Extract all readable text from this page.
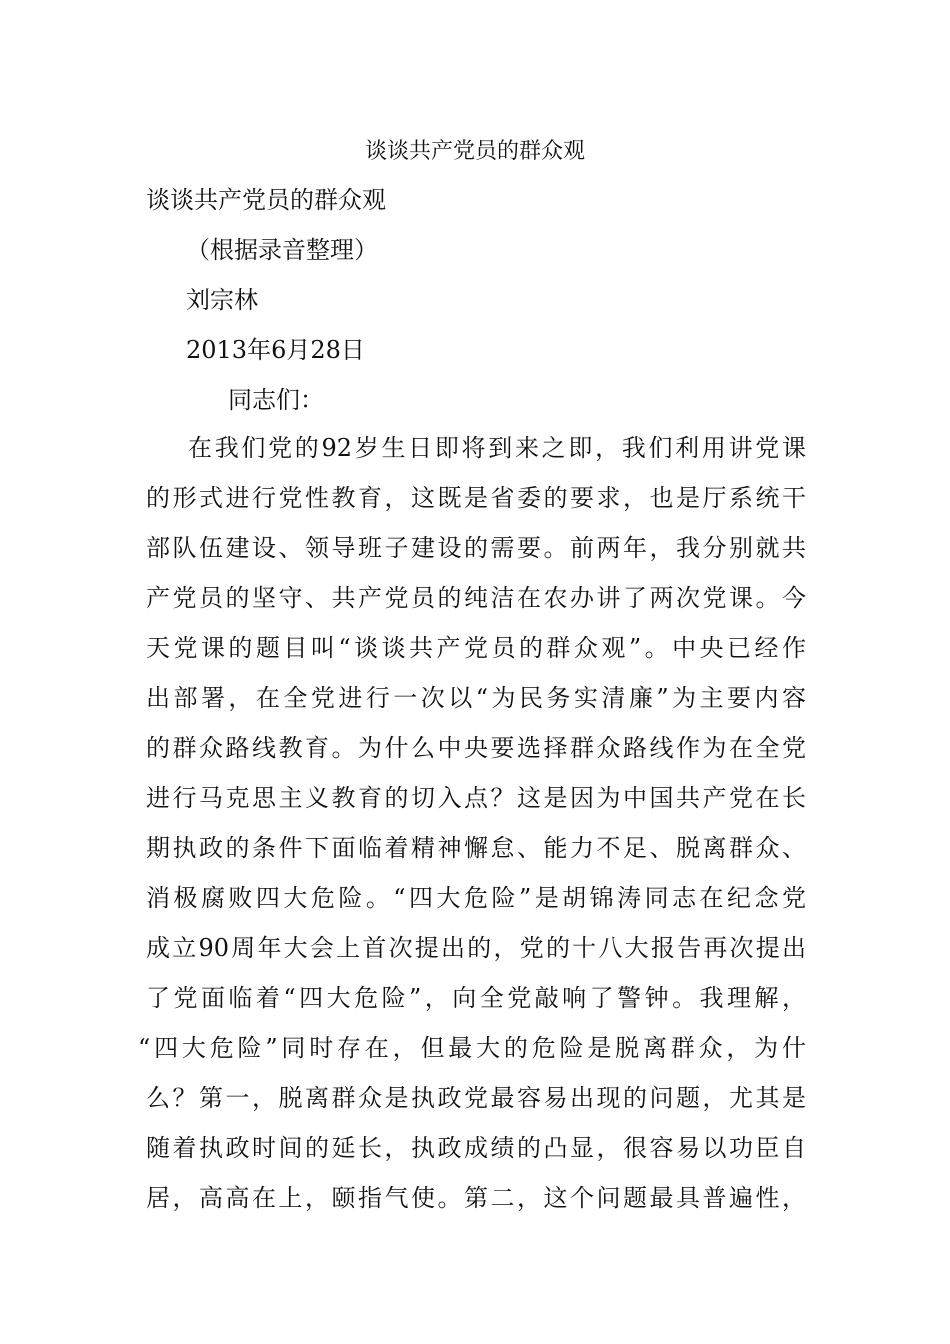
谈谈共产党员的群众观
谈谈共产党员的群众观
（根据录音整理）
刘宗林
2013年6月28日
同志们：
在我们党的92岁生日即将到来之即，我们利用讲党课
的形式进行党性教育，这既是省委的要求，也是厅系统干
部队伍建设、领导班子建设的需要。前两年，我分别就共
产党员的坚守、共产党员的纯洁在农办讲了两次党课。今
天党课的题目叫“谈谈共产党员的群众观”。中央已经作
出部署，在全党进行一次以“为民务实清廉”为主要内容
的群众路线教育。为什么中央要选择群众路线作为在全党
进行马克思主义教育的切入点？这是因为中国共产党在长
期执政的条件下面临着精神懈怠、能力不足、脱离群众、
消极腐败四大危险。“四大危险”是胡锦涛同志在纪念党
成立90周年大会上首次提出的，党的十八大报告再次提出
了党面临着“四大危险”，向全党敲响了警钟。我理解，
“四大危险”同时存在，但最大的危险是脱离群众，为什
么？第一，脱离群众是执政党最容易出现的问题，尤其是
随着执政时间的延长，执政成绩的凸显，很容易以功臣自
居，高高在上，颐指气使。第二，这个问题最具普遍性，
